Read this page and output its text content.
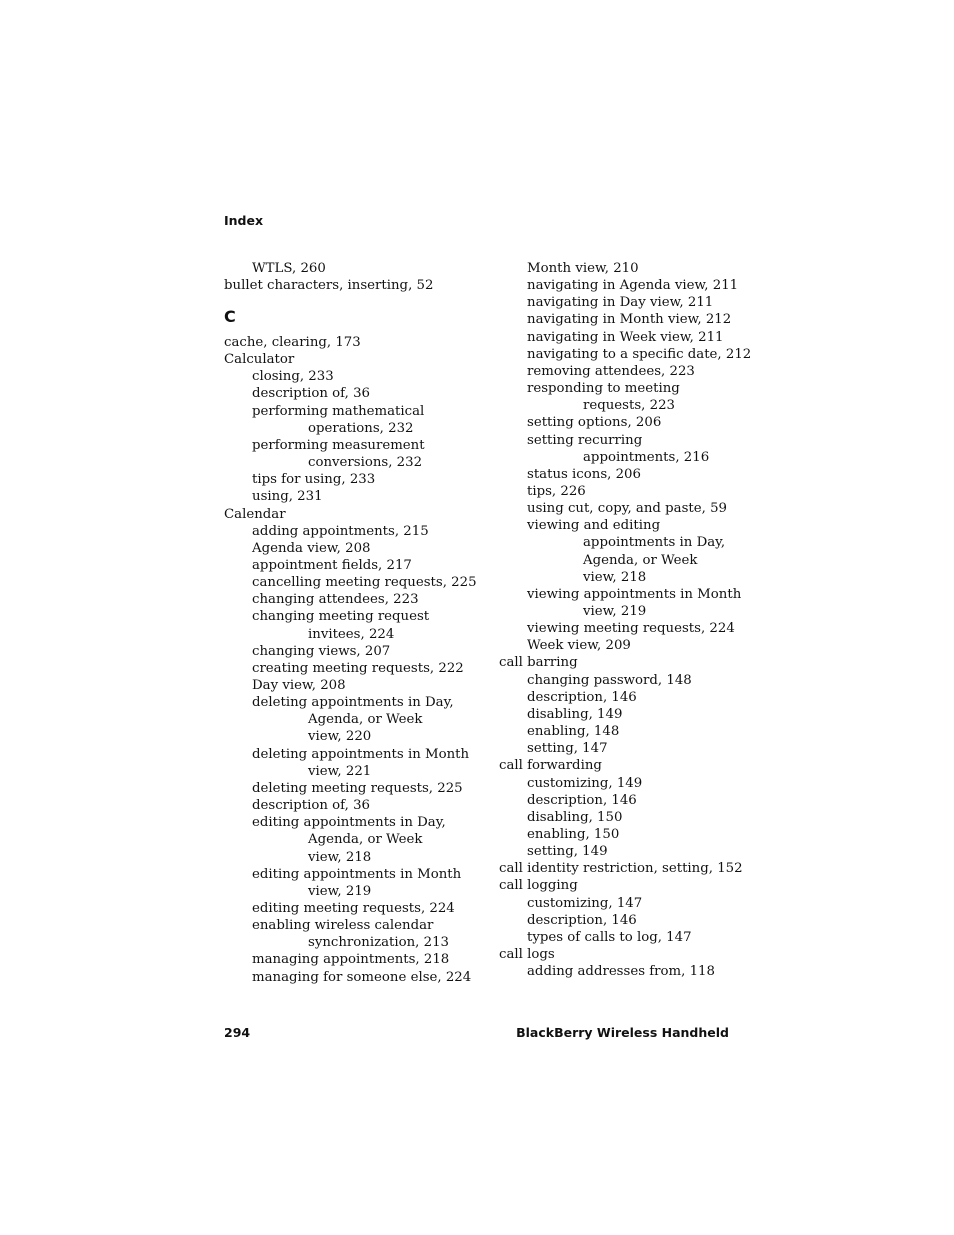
Index
C
WTLS, 260
bullet characters, inserting, 52
cache, clearing, 173
Calculator
closing, 233
description of, 36
performing mathematical
operations, 232
performing measurement
conversions, 232
tips for using, 233
using, 231
Calendar
adding appointments, 215
Agenda view, 208
appointment fields, 217
cancelling meeting requests, 225
changing attendees, 223
changing meeting request
invitees, 224
changing views, 207
creating meeting requests, 222
Day view, 208
deleting appointments in Day,
Agenda, or Week
view, 220
deleting appointments in Month
view, 221
deleting meeting requests, 225
description of, 36
editing appointments in Day,
Agenda, or Week
view, 218
editing appointments in Month
view, 219
editing meeting requests, 224
enabling wireless calendar
synchronization, 213
managing appointments, 218
managing for someone else, 224
Month view, 210
navigating in Agenda view, 211
navigating in Day view, 211
navigating in Month view, 212
navigating in Week view, 211
navigating to a specific date, 212
removing attendees, 223
responding to meeting
requests, 223
setting options, 206
setting recurring
appointments, 216
status icons, 206
tips, 226
using cut, copy, and paste, 59
viewing and editing
appointments in Day,
Agenda, or Week
view, 218
viewing appointments in Month
view, 219
viewing meeting requests, 224
Week view, 209
call barring
changing password, 148
description, 146
disabling, 149
enabling, 148
setting, 147
call forwarding
customizing, 149
description, 146
disabling, 150
enabling, 150
setting, 149
call identity restriction, setting, 152
call logging
customizing, 147
description, 146
types of calls to log, 147
call logs
adding addresses from, 118
294	BlackBerry Wireless Handheld
